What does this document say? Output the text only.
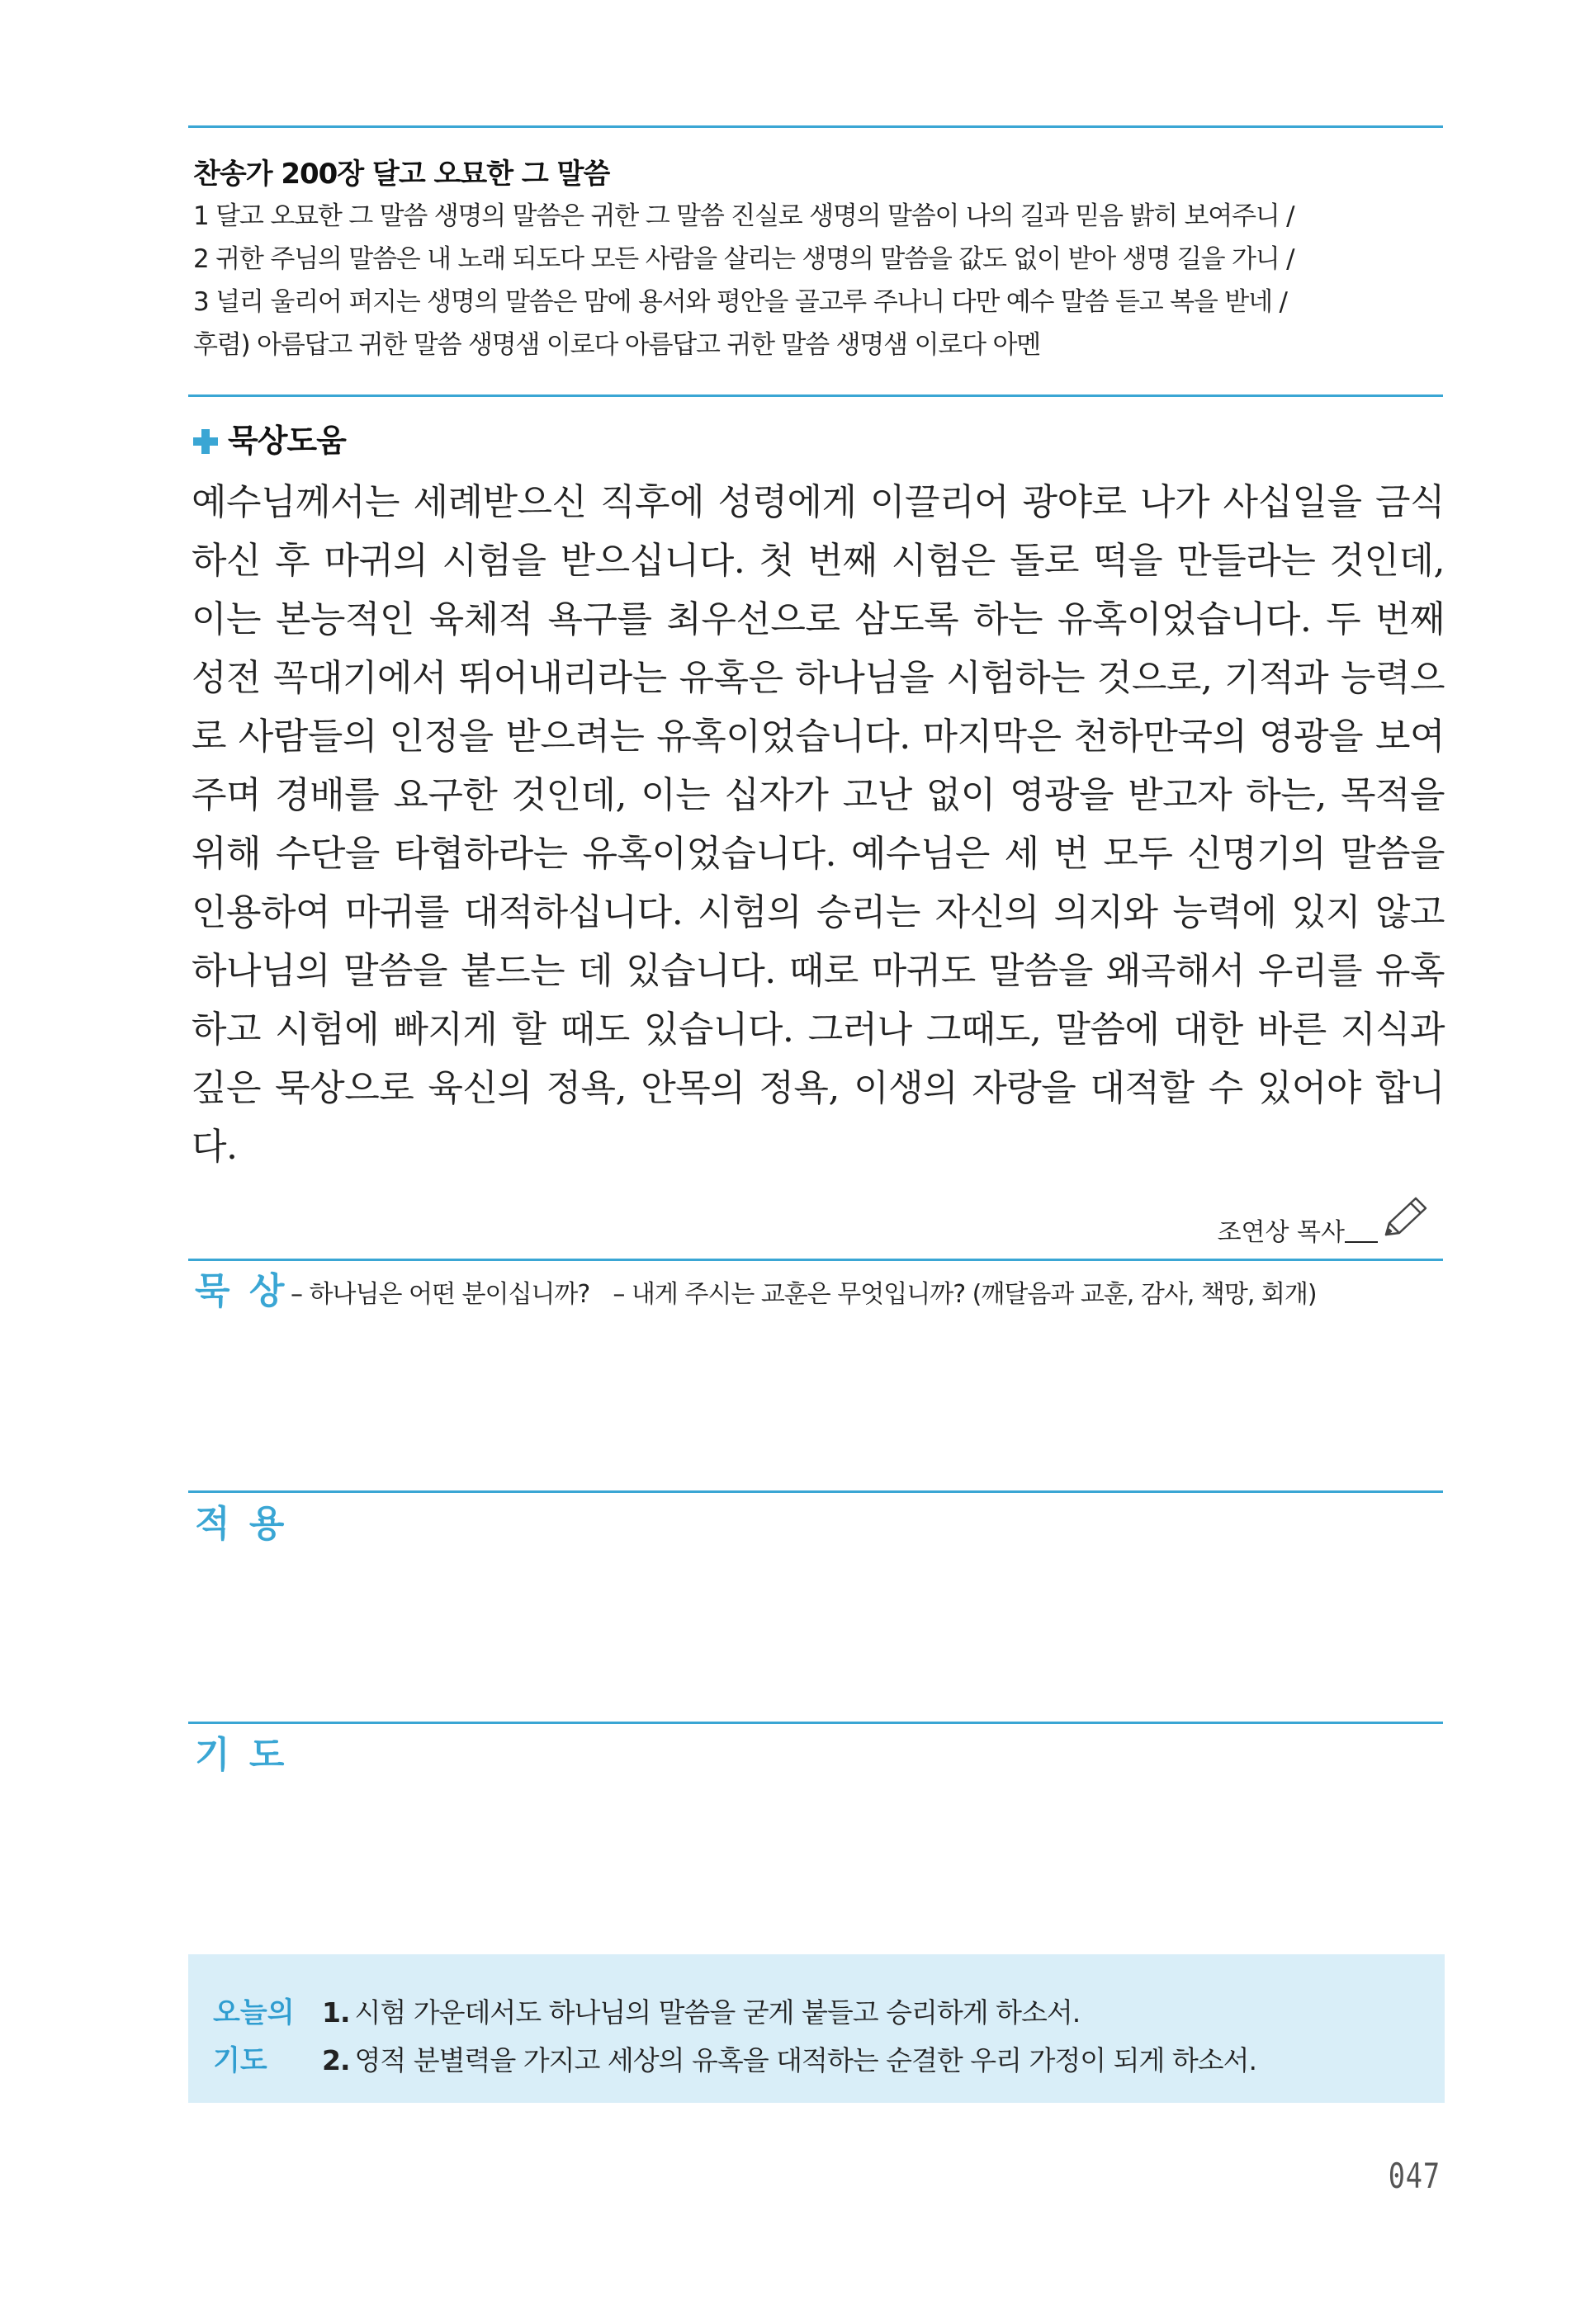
찬송가 200장 달고 오묘한 그 말씀
1 달고 오묘한 그 말씀 생명의 말씀은 귀한 그 말씀 진실로 생명의 말씀이 나의 길과 믿음 밝히 보여주니 /
2 귀한 주님의 말씀은 내 노래 되도다 모든 사람을 살리는 생명의 말씀을 값도 없이 받아 생명 길을 가니 /
3 널리 울리어 퍼지는 생명의 말씀은 맘에 용서와 평안을 골고루 주나니 다만 예수 말씀 듣고 복을 받네 /
후렴) 아름답고 귀한 말씀 생명샘 이로다 아름답고 귀한 말씀 생명샘 이로다 아멘
묵상도움
예수님께서는 세례받으신 직후에 성령에게 이끌리어 광야로 나가 사십일을 금식하신 후 마귀의 시험을 받으십니다. 첫 번째 시험은 돌로 떡을 만들라는 것인데, 이는 본능적인 육체적 욕구를 최우선으로 삼도록 하는 유혹이었습니다. 두 번째 성전 꼭대기에서 뛰어내리라는 유혹은 하나님을 시험하는 것으로, 기적과 능력으로 사람들의 인정을 받으려는 유혹이었습니다. 마지막은 천하만국의 영광을 보여주며 경배를 요구한 것인데, 이는 십자가 고난 없이 영광을 받고자 하는, 목적을 위해 수단을 타협하라는 유혹이었습니다. 예수님은 세 번 모두 신명기의 말씀을 인용하여 마귀를 대적하십니다. 시험의 승리는 자신의 의지와 능력에 있지 않고 하나님의 말씀을 붙드는 데 있습니다. 때로 마귀도 말씀을 왜곡해서 우리를 유혹하고 시험에 빠지게 할 때도 있습니다. 그러나 그때도, 말씀에 대한 바른 지식과 깊은 묵상으로 육신의 정욕, 안목의 정욕, 이생의 자랑을 대적할 수 있어야 합니다.
조연상 목사
묵 상 – 하나님은 어떤 분이십니까? – 내게 주시는 교훈은 무엇입니까? (깨달음과 교훈, 감사, 책망, 회개)
적 용
기 도
오늘의 기도
1. 시험 가운데서도 하나님의 말씀을 굳게 붙들고 승리하게 하소서.
2. 영적 분별력을 가지고 세상의 유혹을 대적하는 순결한 우리 가정이 되게 하소서.
047
